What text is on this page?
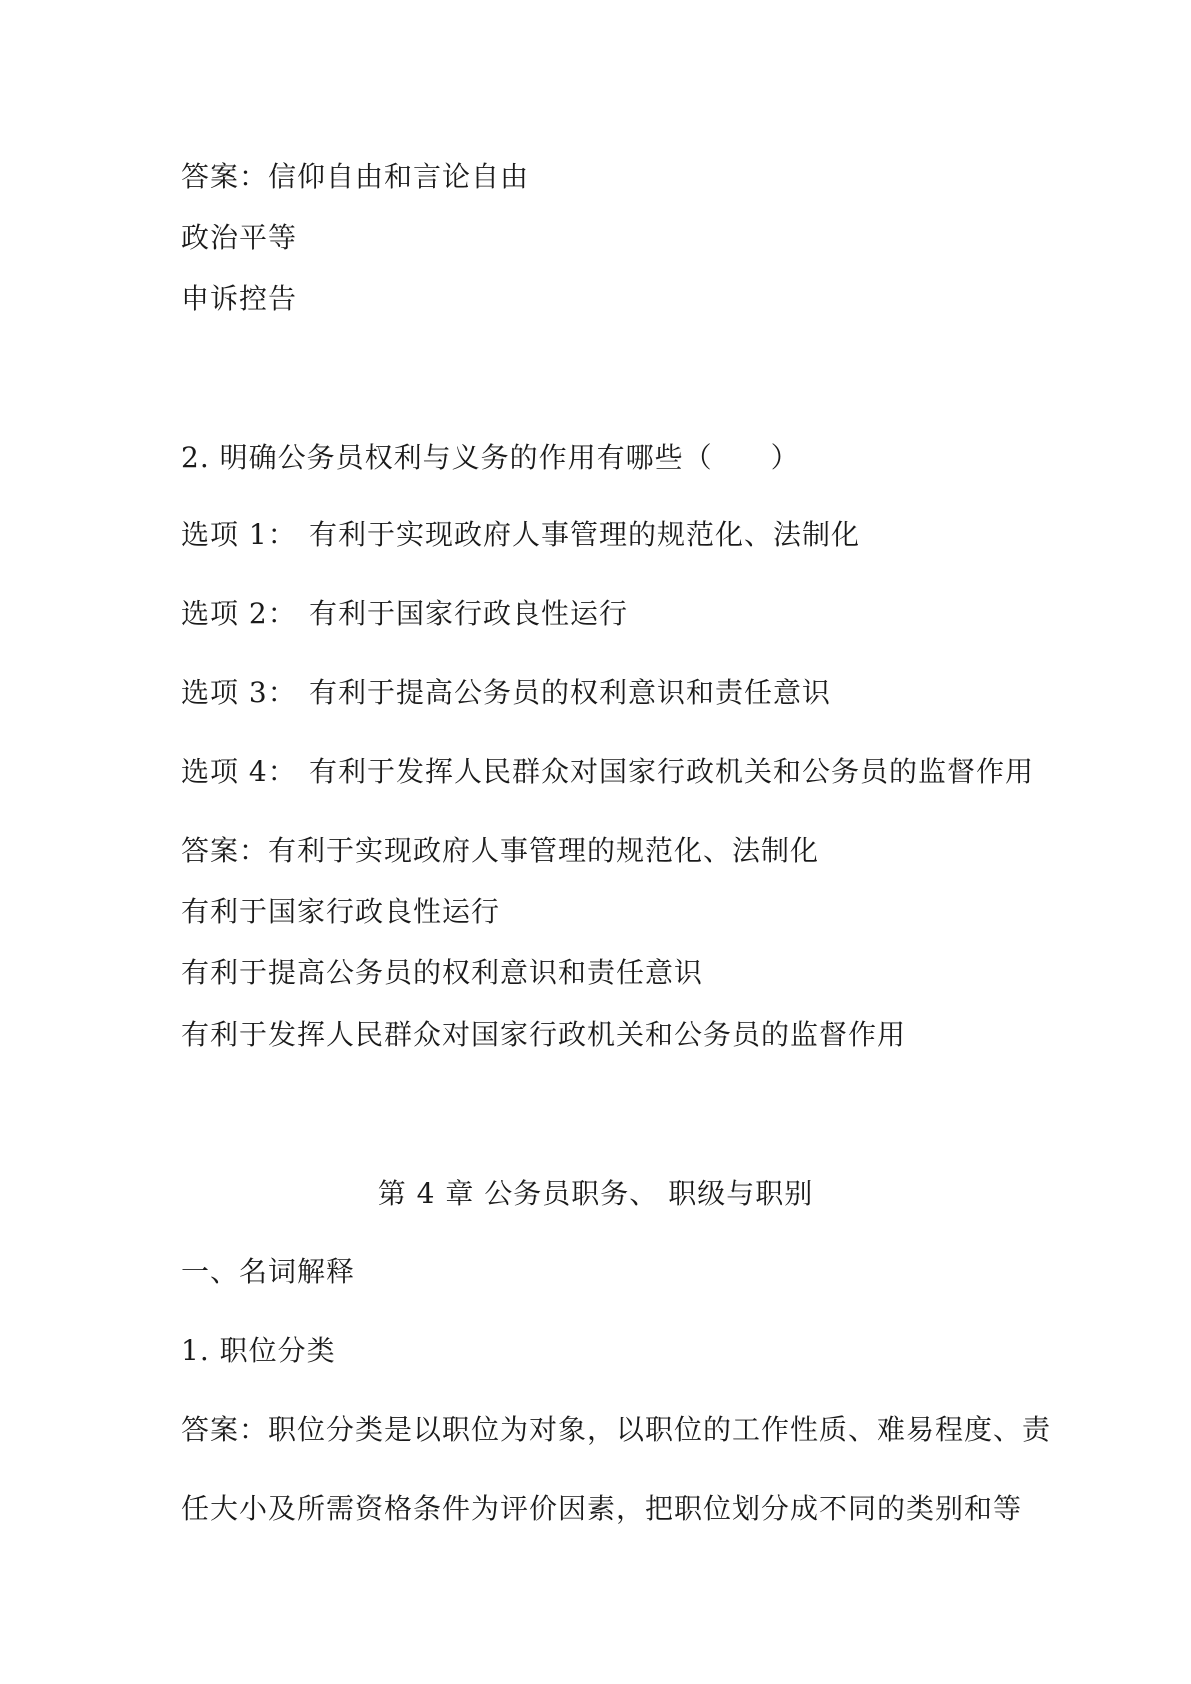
答案：信仰自由和言论自由
政治平等
申诉控告
2. 明确公务员权利与义务的作用有哪些（　　）
选项 1： 有利于实现政府人事管理的规范化、法制化
选项 2： 有利于国家行政良性运行
选项 3： 有利于提高公务员的权利意识和责任意识
选项 4： 有利于发挥人民群众对国家行政机关和公务员的监督作用
答案：有利于实现政府人事管理的规范化、法制化
有利于国家行政良性运行
有利于提高公务员的权利意识和责任意识
有利于发挥人民群众对国家行政机关和公务员的监督作用
第 4 章 公务员职务、 职级与职别
一、名词解释
1. 职位分类
答案：职位分类是以职位为对象，以职位的工作性质、难易程度、责
任大小及所需资格条件为评价因素，把职位划分成不同的类别和等
